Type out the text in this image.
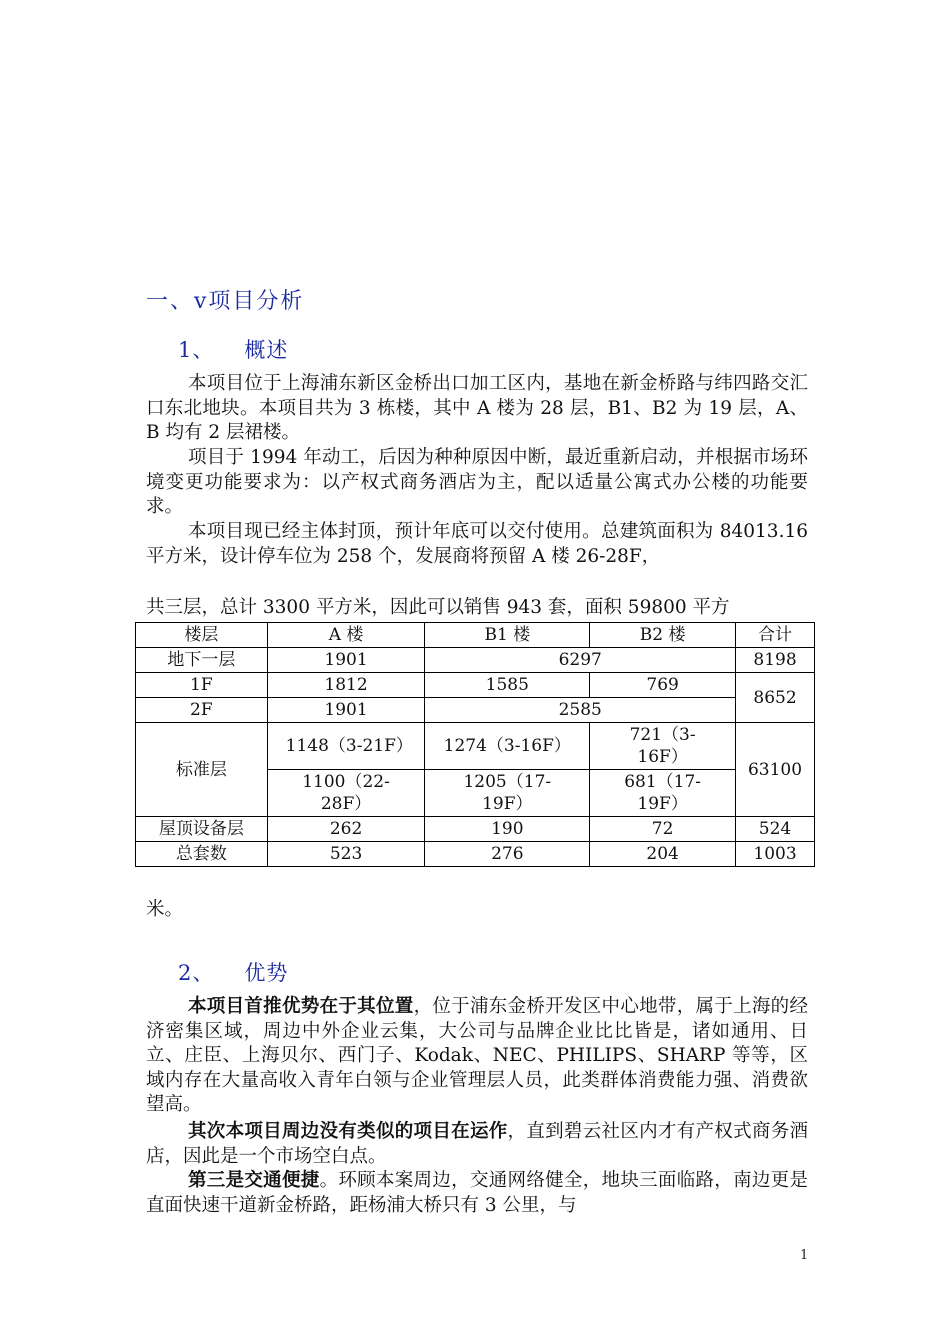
一、v项目分析
1、 概述
本项目位于上海浦东新区金桥出口加工区内，基地在新金桥路与纬四路交汇口东北地块。本项目共为 3 栋楼，其中 A 楼为 28 层，B1、B2 为 19 层，A、B 均有 2 层裙楼。
项目于 1994 年动工，后因为种种原因中断，最近重新启动，并根据市场环境变更功能要求为：以产权式商务酒店为主，配以适量公寓式办公楼的功能要求。
本项目现已经主体封顶，预计年底可以交付使用。总建筑面积为 84013.16 平方米，设计停车位为 258 个，发展商将预留 A 楼 26-28F，
共三层，总计 3300 平方米，因此可以销售 943 套，面积 59800 平方
楼层	A 楼	B1 楼	B2 楼	合计
地下一层	1901	6297		8198
1F	1812	1585	769	8652
2F	1901	2585		
标准层	1148（3-21F）	1274（3-16F）	721（3-16F）	63100
	1100（22-28F）	1205（17-19F）	681（17-19F）	
屋顶设备层	262	190	72	524
总套数	523	276	204	1003
米。
2、 优势
本项目首推优势在于其位置，位于浦东金桥开发区中心地带，属于上海的经济密集区域，周边中外企业云集，大公司与品牌企业比比皆是，诸如通用、日立、庄臣、上海贝尔、西门子、Kodak、NEC、PHILIPS、SHARP 等等，区域内存在大量高收入青年白领与企业管理层人员，此类群体消费能力强、消费欲望高。
其次本项目周边没有类似的项目在运作，直到碧云社区内才有产权式商务酒店，因此是一个市场空白点。
第三是交通便捷。环顾本案周边，交通网络健全，地块三面临路，南边更是直面快速干道新金桥路，距杨浦大桥只有 3 公里，与
1
